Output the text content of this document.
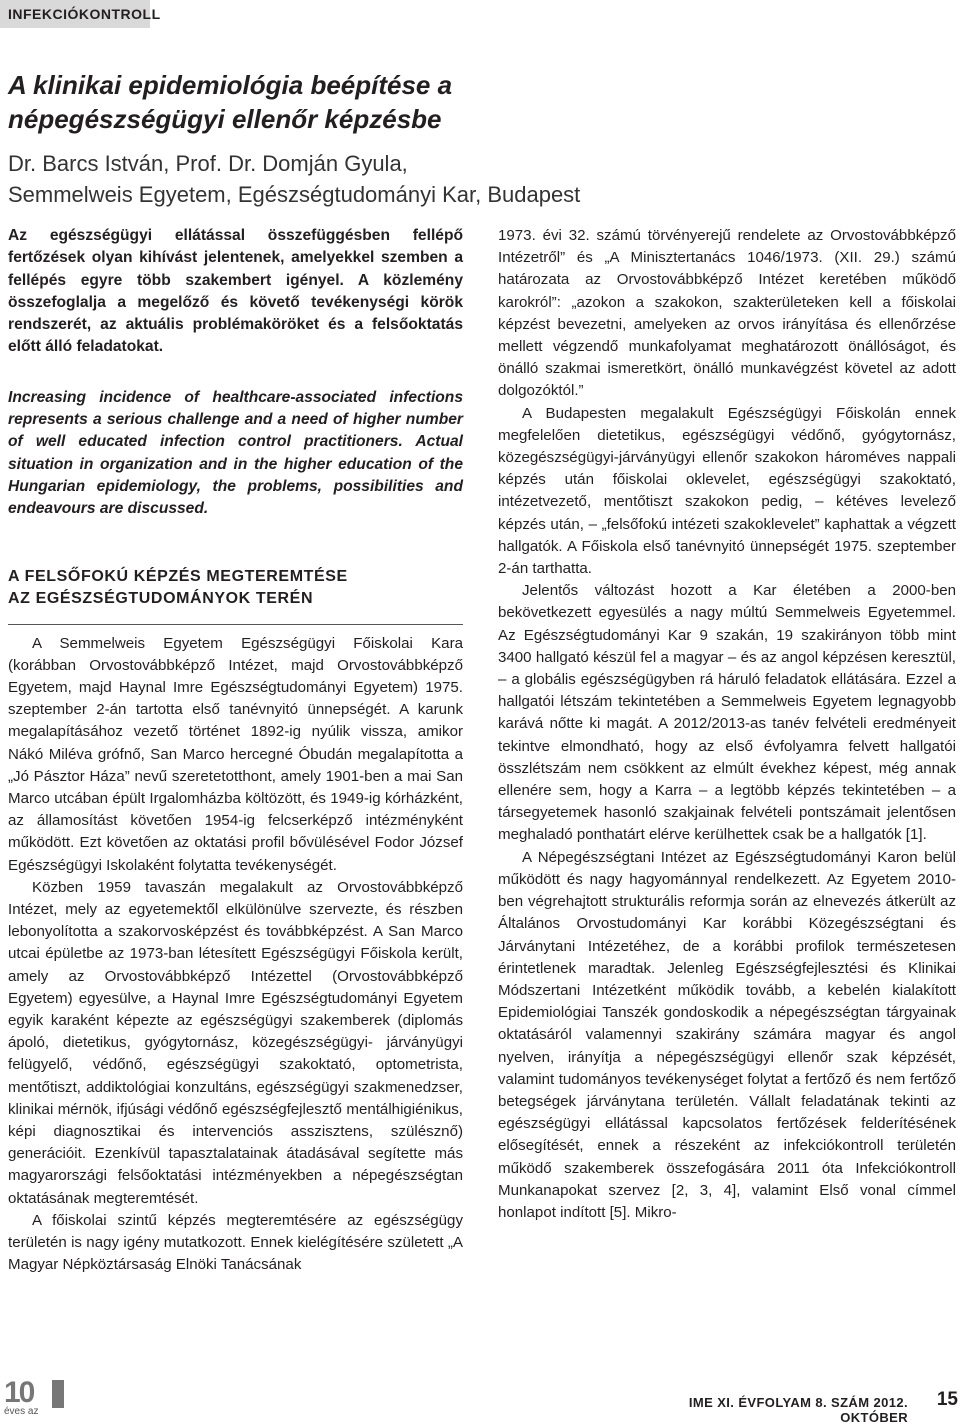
INFEKCIÓKONTROLL
A klinikai epidemiológia beépítése a népegészségügyi ellenőr képzésbe
Dr. Barcs István, Prof. Dr. Domján Gyula,
Semmelweis Egyetem, Egészségtudományi Kar, Budapest

Az egészségügyi ellátással összefüggésben fellépő fertőzések olyan kihívást jelentenek, amelyekkel szemben a fellépés egyre több szakembert igényel. A közlemény összefoglalja a megelőző és követő tevékenységi körök rendszerét, az aktuális problémaköröket és a felsőoktatás előtt álló feladatokat.

Increasing incidence of healthcare-associated infections represents a serious challenge and a need of higher number of well educated infection control practitioners. Actual situation in organization and in the higher education of the Hungarian epidemiology, the problems, possibilities and endeavours are discussed.

A FELSŐFOKÚ KÉPZÉS MEGTEREMTÉSE
AZ EGÉSZSÉGTUDOMÁNYOK TERÉN

A Semmelweis Egyetem Egészségügyi Főiskolai Kara (korábban Orvostovábbképző Intézet, majd Orvostovábbképző Egyetem, majd Haynal Imre Egészségtudományi Egyetem) 1975. szeptember 2-án tartotta első tanévnyitó ünnepségét. A karunk megalapításához vezető történet 1892-ig nyúlik vissza, amikor Nákó Miléva grófnő, San Marco hercegné Óbudán megalapította a „Jó Pásztor Háza” nevű szeretetotthont, amely 1901-ben a mai San Marco utcában épült Irgalomházba költözött, és 1949-ig kórházként, az államosítást követően 1954-ig felcserképző intézményként működött. Ezt követően az oktatási profil bővülésével Fodor József Egészségügyi Iskolaként folytatta tevékenységét.

Közben 1959 tavaszán megalakult az Orvostovábbképző Intézet, mely az egyetemektől elkülönülve szervezte, és részben lebonyolította a szakorvosképzést és továbbképzést. A San Marco utcai épületbe az 1973-ban létesített Egészségügyi Főiskola került, amely az Orvostovábbképző Intézettel (Orvostovábbképző Egyetem) egyesülve, a Haynal Imre Egészségtudományi Egyetem egyik karaként képezte az egészségügyi szakemberek (diplomás ápoló, dietetikus, gyógytornász, közegészségügyi- járványügyi felügyelő, védőnő, egészségügyi szakoktató, optometrista, mentőtiszt, addiktológiai konzultáns, egészségügyi szakmenedzser, klinikai mérnök, ifjúsági védőnő egészségfejlesztő mentálhigiénikus, képi diagnosztikai és intervenciós asszisztens, szülésznő) generációit. Ezenkívül tapasztalatainak átadásával segítette más magyarországi felsőoktatási intézményekben a népegészségtan oktatásának megteremtését.

A főiskolai szintű képzés megteremtésére az egészségügy területén is nagy igény mutatkozott. Ennek kielégítésére született „A Magyar Népköztársaság Elnöki Tanácsának

1973. évi 32. számú törvényerejű rendelete az Orvostovábbképző Intézetről” és „A Minisztertanács 1046/1973. (XII. 29.) számú határozata az Orvostovábbképző Intézet keretében működő karokról”: „azokon a szakokon, szakterületeken kell a főiskolai képzést bevezetni, amelyeken az orvos irányítása és ellenőrzése mellett végzendő munkafolyamat meghatározott önállóságot, és önálló szakmai ismeretkört, önálló munkavégzést követel az adott dolgozóktól.”

A Budapesten megalakult Egészségügyi Főiskolán ennek megfelelően dietetikus, egészségügyi védőnő, gyógytornász, közegészségügyi-járványügyi ellenőr szakokon hároméves nappali képzés után főiskolai oklevelet, egészségügyi szakoktató, intézetvezető, mentőtiszt szakokon pedig, – kétéves levelező képzés után, – „felsőfokú intézeti szakoklevelet” kaphattak a végzett hallgatók. A Főiskola első tanévnyitó ünnepségét 1975. szeptember 2-án tarthatta.

Jelentős változást hozott a Kar életében a 2000-ben bekövetkezett egyesülés a nagy múltú Semmelweis Egyetemmel. Az Egészségtudományi Kar 9 szakán, 19 szakirányon több mint 3400 hallgató készül fel a magyar – és az angol képzésen keresztül, – a globális egészségügyben rá háruló feladatok ellátására. Ezzel a hallgatói létszám tekintetében a Semmelweis Egyetem legnagyobb karává nőtte ki magát. A 2012/2013-as tanév felvételi eredményeit tekintve elmondható, hogy az első évfolyamra felvett hallgatói összlétszám nem csökkent az elmúlt évekhez képest, még annak ellenére sem, hogy a Karra – a legtöbb képzés tekintetében – a társegyetemek hasonló szakjainak felvételi pontszámait jelentősen meghaladó ponthatárt elérve kerülhettek csak be a hallgatók [1].

A Népegészségtani Intézet az Egészségtudományi Karon belül működött és nagy hagyománnyal rendelkezett. Az Egyetem 2010-ben végrehajtott strukturális reformja során az elnevezés átkerült az Általános Orvostudományi Kar korábbi Közegészségtani és Járványtani Intézetéhez, de a korábbi profilok természetesen érintetlenek maradtak. Jelenleg Egészségfejlesztési és Klinikai Módszertani Intézetként működik tovább, a kebelén kialakított Epidemiológiai Tanszék gondoskodik a népegészségtan tárgyainak oktatásáról valamennyi szakirány számára magyar és angol nyelven, irányítja a népegészségügyi ellenőr szak képzését, valamint tudományos tevékenységet folytat a fertőző és nem fertőző betegségek járványtana területén. Vállalt feladatának tekinti az egészségügyi ellátással kapcsolatos fertőzések felderítésének elősegítését, ennek a részeként az infekciókontroll területén működő szakemberek összefogására 2011 óta Infekciókontroll Munkanapokat szervez [2, 3, 4], valamint Első vonal címmel honlapot indított [5]. Mikro-

10
éves az
IME XI. ÉVFOLYAM 8. SZÁM 2012. OKTÓBER
15
